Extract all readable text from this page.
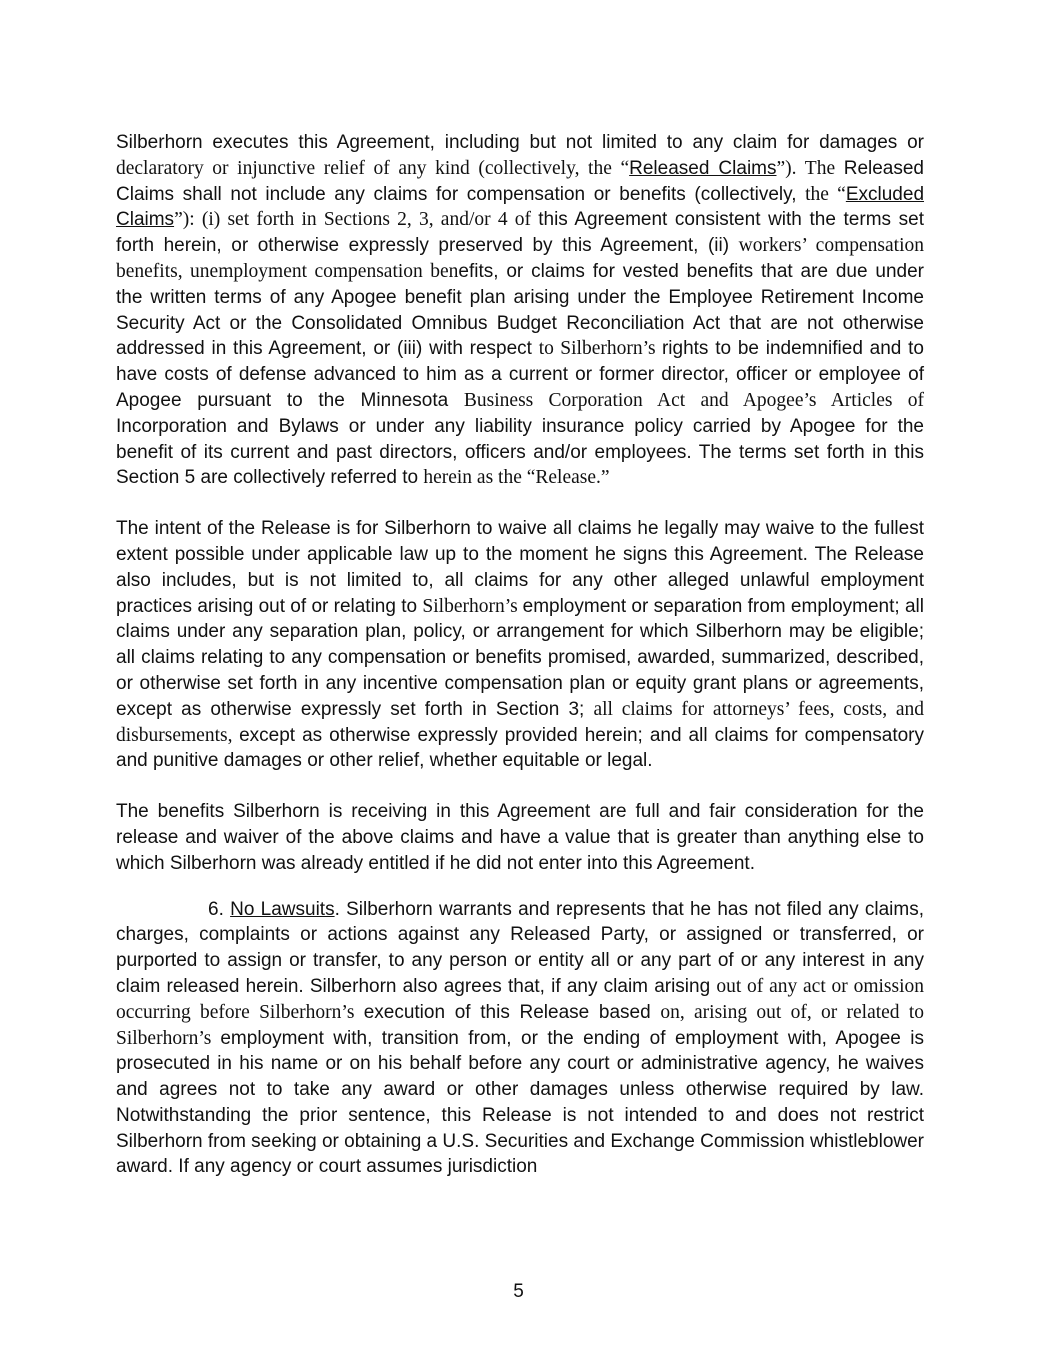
Silberhorn executes this Agreement, including but not limited to any claim for damages or declaratory or injunctive relief of any kind (collectively, the “Released Claims”). The Released Claims shall not include any claims for compensation or benefits (collectively, the “Excluded Claims”): (i) set forth in Sections 2, 3, and/or 4 of this Agreement consistent with the terms set forth herein, or otherwise expressly preserved by this Agreement, (ii) workers’ compensation benefits, unemployment compensation benefits, or claims for vested benefits that are due under the written terms of any Apogee benefit plan arising under the Employee Retirement Income Security Act or the Consolidated Omnibus Budget Reconciliation Act that are not otherwise addressed in this Agreement, or (iii) with respect to Silberhorn’s rights to be indemnified and to have costs of defense advanced to him as a current or former director, officer or employee of Apogee pursuant to the Minnesota Business Corporation Act and Apogee’s Articles of Incorporation and Bylaws or under any liability insurance policy carried by Apogee for the benefit of its current and past directors, officers and/or employees. The terms set forth in this Section 5 are collectively referred to herein as the “Release.”

The intent of the Release is for Silberhorn to waive all claims he legally may waive to the fullest extent possible under applicable law up to the moment he signs this Agreement. The Release also includes, but is not limited to, all claims for any other alleged unlawful employment practices arising out of or relating to Silberhorn’s employment or separation from employment; all claims under any separation plan, policy, or arrangement for which Silberhorn may be eligible; all claims relating to any compensation or benefits promised, awarded, summarized, described, or otherwise set forth in any incentive compensation plan or equity grant plans or agreements, except as otherwise expressly set forth in Section 3; all claims for attorneys’ fees, costs, and disbursements, except as otherwise expressly provided herein; and all claims for compensatory and punitive damages or other relief, whether equitable or legal.

The benefits Silberhorn is receiving in this Agreement are full and fair consideration for the release and waiver of the above claims and have a value that is greater than anything else to which Silberhorn was already entitled if he did not enter into this Agreement.

6. No Lawsuits. Silberhorn warrants and represents that he has not filed any claims, charges, complaints or actions against any Released Party, or assigned or transferred, or purported to assign or transfer, to any person or entity all or any part of or any interest in any claim released herein. Silberhorn also agrees that, if any claim arising out of any act or omission occurring before Silberhorn’s execution of this Release based on, arising out of, or related to Silberhorn’s employment with, transition from, or the ending of employment with, Apogee is prosecuted in his name or on his behalf before any court or administrative agency, he waives and agrees not to take any award or other damages unless otherwise required by law. Notwithstanding the prior sentence, this Release is not intended to and does not restrict Silberhorn from seeking or obtaining a U.S. Securities and Exchange Commission whistleblower award. If any agency or court assumes jurisdiction

5
